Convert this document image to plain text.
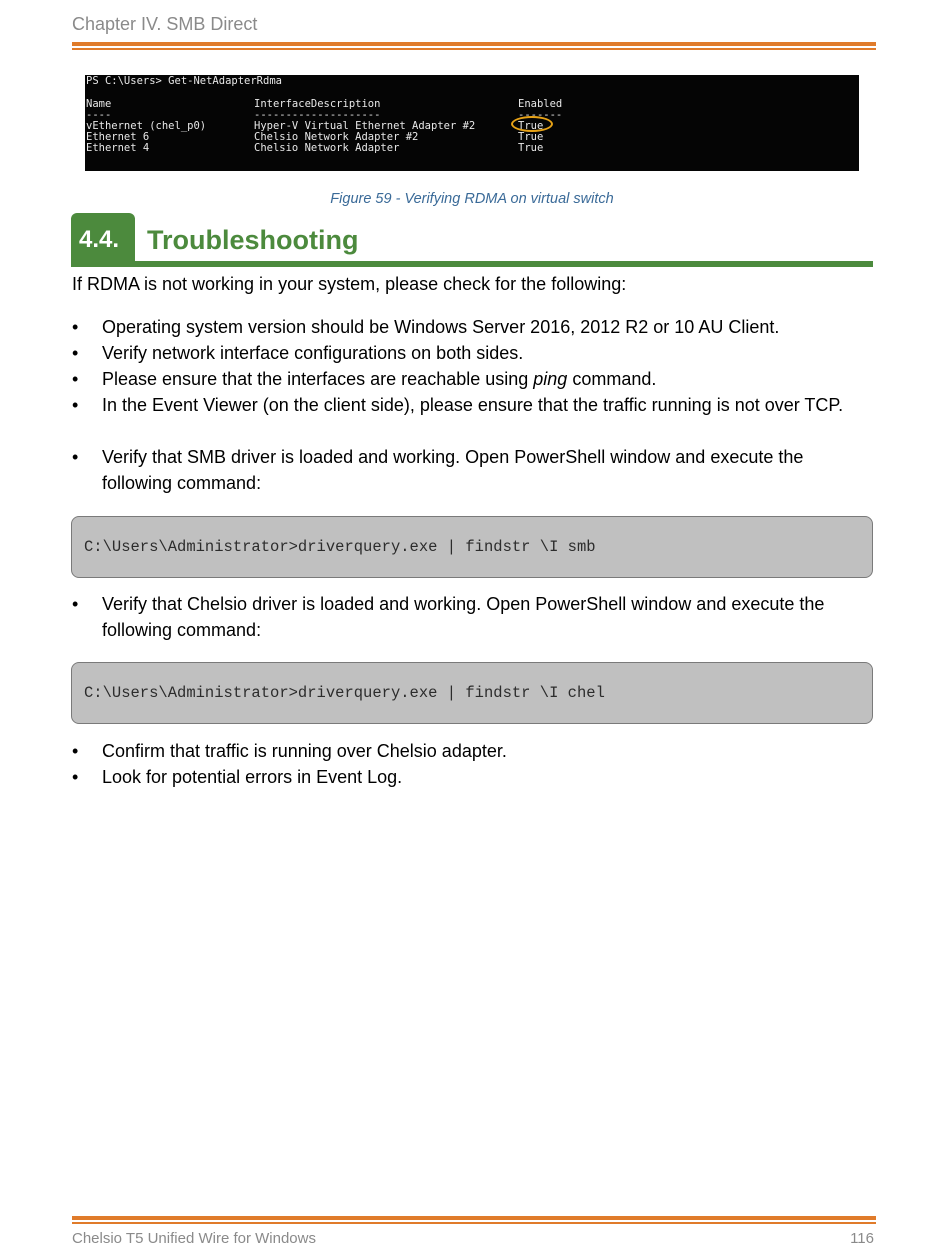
Chapter IV. SMB Direct
PS C:\Users> Get-NetAdapterRdma
Name	InterfaceDescription	Enabled
----	--------------------	-------
vEthernet (chel_p0)	Hyper-V Virtual Ethernet Adapter #2	True
Ethernet 6	Chelsio Network Adapter #2	True
Ethernet 4	Chelsio Network Adapter	True
Figure 59 - Verifying RDMA on virtual switch
4.4.	Troubleshooting
If RDMA is not working in your system, please check for the following:
• Operating system version should be Windows Server 2016, 2012 R2 or 10 AU Client.
• Verify network interface configurations on both sides.
• Please ensure that the interfaces are reachable using ping command.
• In the Event Viewer (on the client side), please ensure that the traffic running is not over TCP.
• Verify that SMB driver is loaded and working. Open PowerShell window and execute the following command:
C:\Users\Administrator>driverquery.exe | findstr \I smb
• Verify that Chelsio driver is loaded and working. Open PowerShell window and execute the following command:
C:\Users\Administrator>driverquery.exe | findstr \I chel
• Confirm that traffic is running over Chelsio adapter.
• Look for potential errors in Event Log.
Chelsio T5 Unified Wire for Windows	116
